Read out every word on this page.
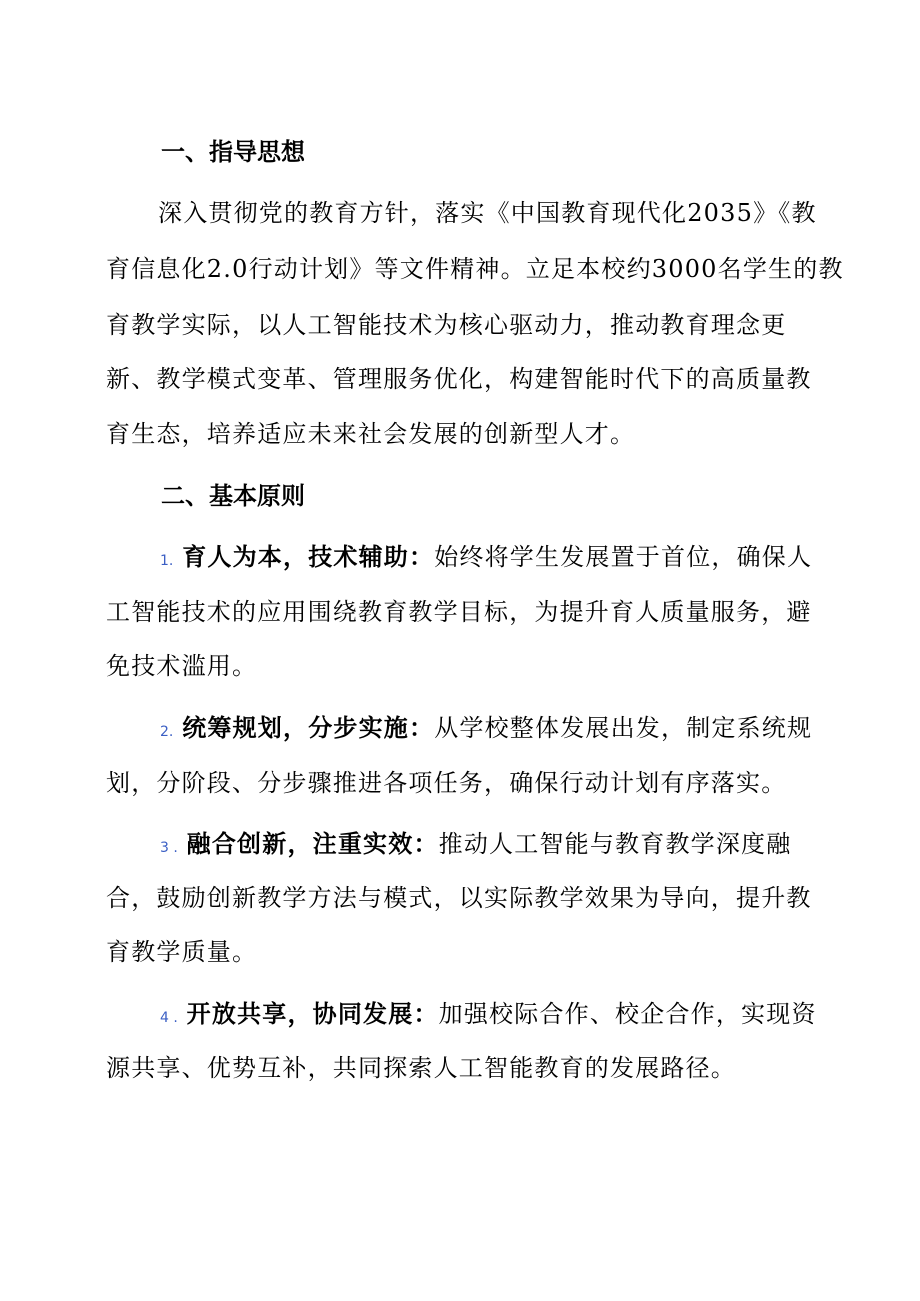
一、指导思想
深入贯彻党的教育方针，落实《中国教育现代化2035》《教
育信息化2.0行动计划》等文件精神。立足本校约3000名学生的教
育教学实际，以人工智能技术为核心驱动力，推动教育理念更
新、教学模式变革、管理服务优化，构建智能时代下的高质量教
育生态，培养适应未来社会发展的创新型人才。
二、基本原则
1. 育人为本，技术辅助：始终将学生发展置于首位，确保人
工智能技术的应用围绕教育教学目标，为提升育人质量服务，避
免技术滥用。
2. 统筹规划，分步实施：从学校整体发展出发，制定系统规
划，分阶段、分步骤推进各项任务，确保行动计划有序落实。
3 . 融合创新，注重实效：推动人工智能与教育教学深度融
合，鼓励创新教学方法与模式，以实际教学效果为导向，提升教
育教学质量。
4 . 开放共享，协同发展：加强校际合作、校企合作，实现资
源共享、优势互补，共同探索人工智能教育的发展路径。
